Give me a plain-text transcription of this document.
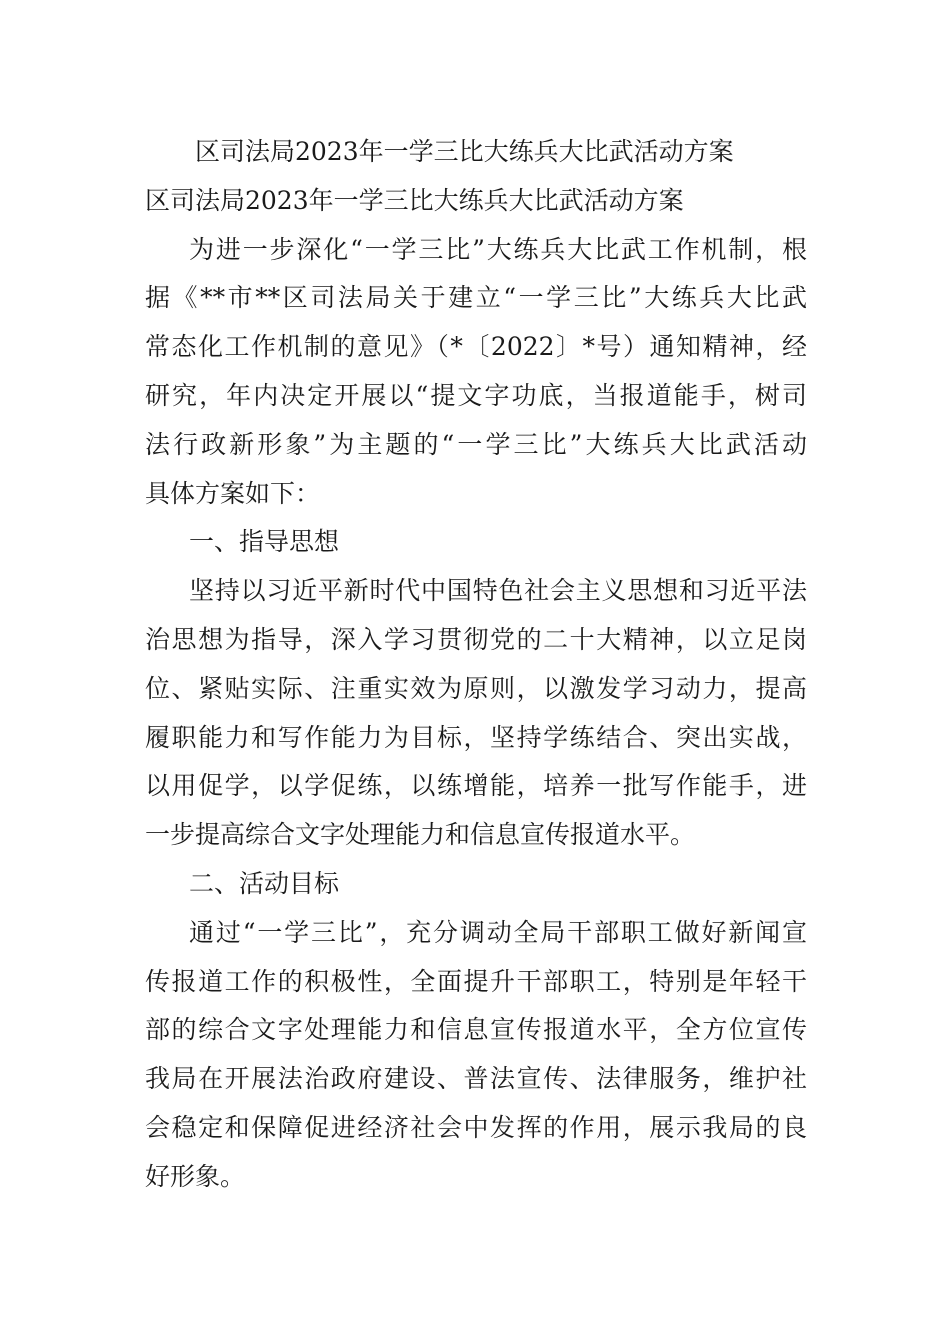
区司法局2023年一学三比大练兵大比武活动方案
区司法局2023年一学三比大练兵大比武活动方案
为进一步深化“一学三比”大练兵大比武工作机制，根
据《**市**区司法局关于建立“一学三比”大练兵大比武
常态化工作机制的意见》（*〔2022〕*号）通知精神，经
研究，年内决定开展以“提文字功底，当报道能手，树司
法行政新形象”为主题的“一学三比”大练兵大比武活动
具体方案如下：
一、指导思想
坚持以习近平新时代中国特色社会主义思想和习近平法
治思想为指导，深入学习贯彻党的二十大精神，以立足岗
位、紧贴实际、注重实效为原则，以激发学习动力，提高
履职能力和写作能力为目标，坚持学练结合、突出实战，
以用促学，以学促练，以练增能，培养一批写作能手，进
一步提高综合文字处理能力和信息宣传报道水平。
二、活动目标
通过“一学三比”，充分调动全局干部职工做好新闻宣
传报道工作的积极性，全面提升干部职工，特别是年轻干
部的综合文字处理能力和信息宣传报道水平，全方位宣传
我局在开展法治政府建设、普法宣传、法律服务，维护社
会稳定和保障促进经济社会中发挥的作用，展示我局的良
好形象。
